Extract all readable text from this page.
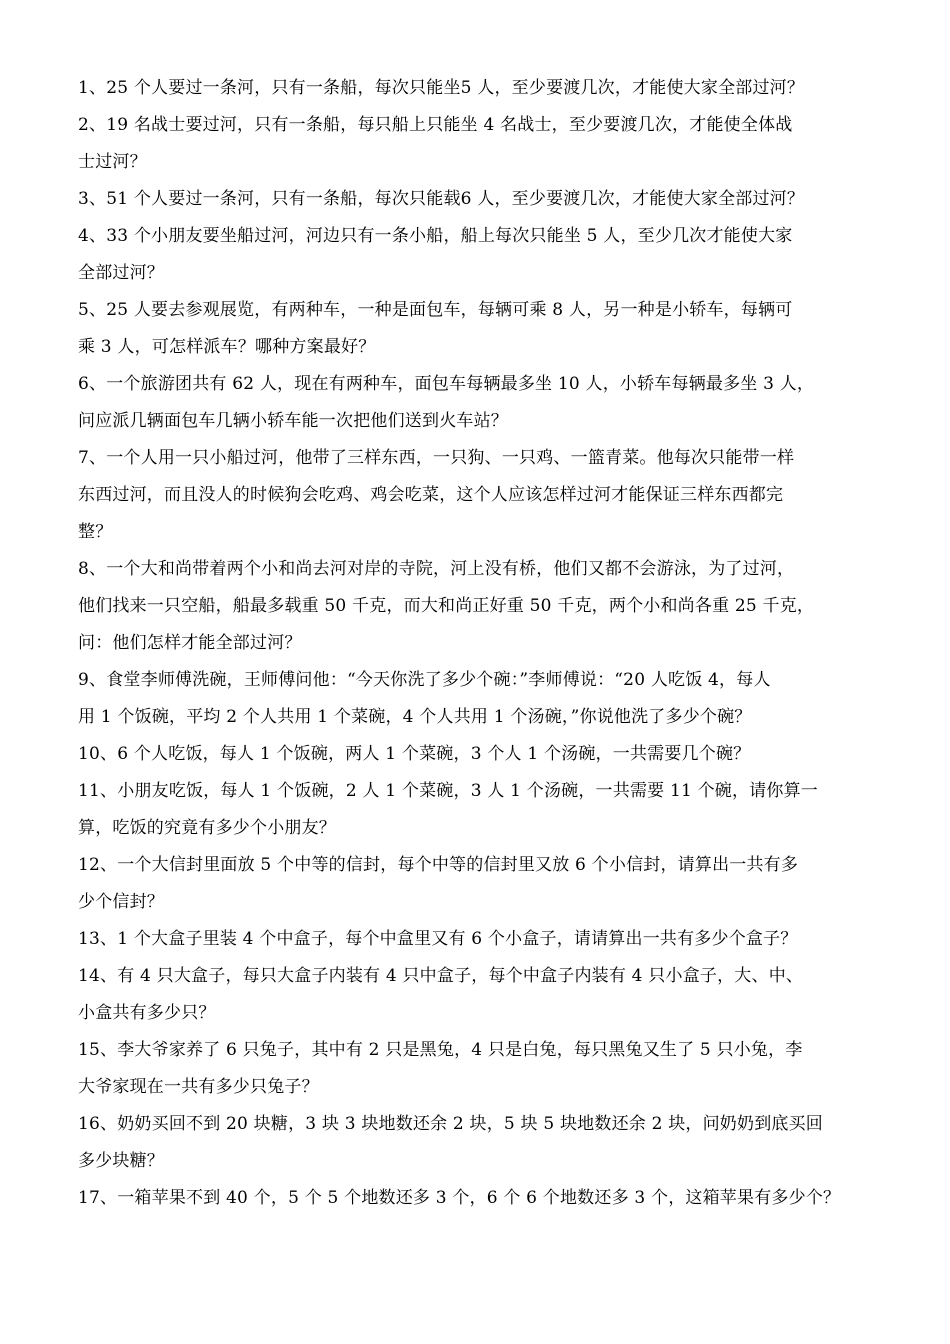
1、25 个人要过一条河，只有一条船，每次只能坐5 人，至少要渡几次，才能使大家全部过河？
2、19 名战士要过河，只有一条船，每只船上只能坐 4 名战士，至少要渡几次，才能使全体战
士过河？
3、51 个人要过一条河，只有一条船，每次只能载6 人，至少要渡几次，才能使大家全部过河？
4、33 个小朋友要坐船过河，河边只有一条小船，船上每次只能坐 5 人，至少几次才能使大家
全部过河？
5、25 人要去参观展览，有两种车，一种是面包车，每辆可乘 8 人，另一种是小轿车，每辆可
乘 3 人，可怎样派车？哪种方案最好？
6、一个旅游团共有 62 人，现在有两种车，面包车每辆最多坐 10 人，小轿车每辆最多坐 3 人，
问应派几辆面包车几辆小轿车能一次把他们送到火车站？
7、一个人用一只小船过河，他带了三样东西，一只狗、一只鸡、一篮青菜。他每次只能带一样
东西过河，而且没人的时候狗会吃鸡、鸡会吃菜，这个人应该怎样过河才能保证三样东西都完
整？
8、一个大和尚带着两个小和尚去河对岸的寺院，河上没有桥，他们又都不会游泳，为了过河，
他们找来一只空船，船最多载重 50 千克，而大和尚正好重 50 千克，两个小和尚各重 25 千克，
问：他们怎样才能全部过河？
9、食堂李师傅洗碗，王师傅问他：“今天你洗了多少个碗：”李师傅说：“20 人吃饭 4，每人
用 1 个饭碗，平均 2 个人共用 1 个菜碗，4 个人共用 1 个汤碗，”你说他洗了多少个碗？
10、6 个人吃饭，每人 1 个饭碗，两人 1 个菜碗，3 个人 1 个汤碗，一共需要几个碗？
11、小朋友吃饭，每人 1 个饭碗，2 人 1 个菜碗，3 人 1 个汤碗，一共需要 11 个碗，请你算一
算，吃饭的究竟有多少个小朋友？
12、一个大信封里面放 5 个中等的信封，每个中等的信封里又放 6 个小信封，请算出一共有多
少个信封？
13、1 个大盒子里装 4 个中盒子，每个中盒里又有 6 个小盒子，请请算出一共有多少个盒子？
14、有 4 只大盒子，每只大盒子内装有 4 只中盒子，每个中盒子内装有 4 只小盒子，大、中、
小盒共有多少只？
15、李大爷家养了 6 只兔子，其中有 2 只是黑兔，4 只是白兔，每只黑兔又生了 5 只小兔，李
大爷家现在一共有多少只兔子？
16、奶奶买回不到 20 块糖，3 块 3 块地数还余 2 块，5 块 5 块地数还余 2 块，问奶奶到底买回
多少块糖？
17、一箱苹果不到 40 个，5 个 5 个地数还多 3 个，6 个 6 个地数还多 3 个，这箱苹果有多少个？
